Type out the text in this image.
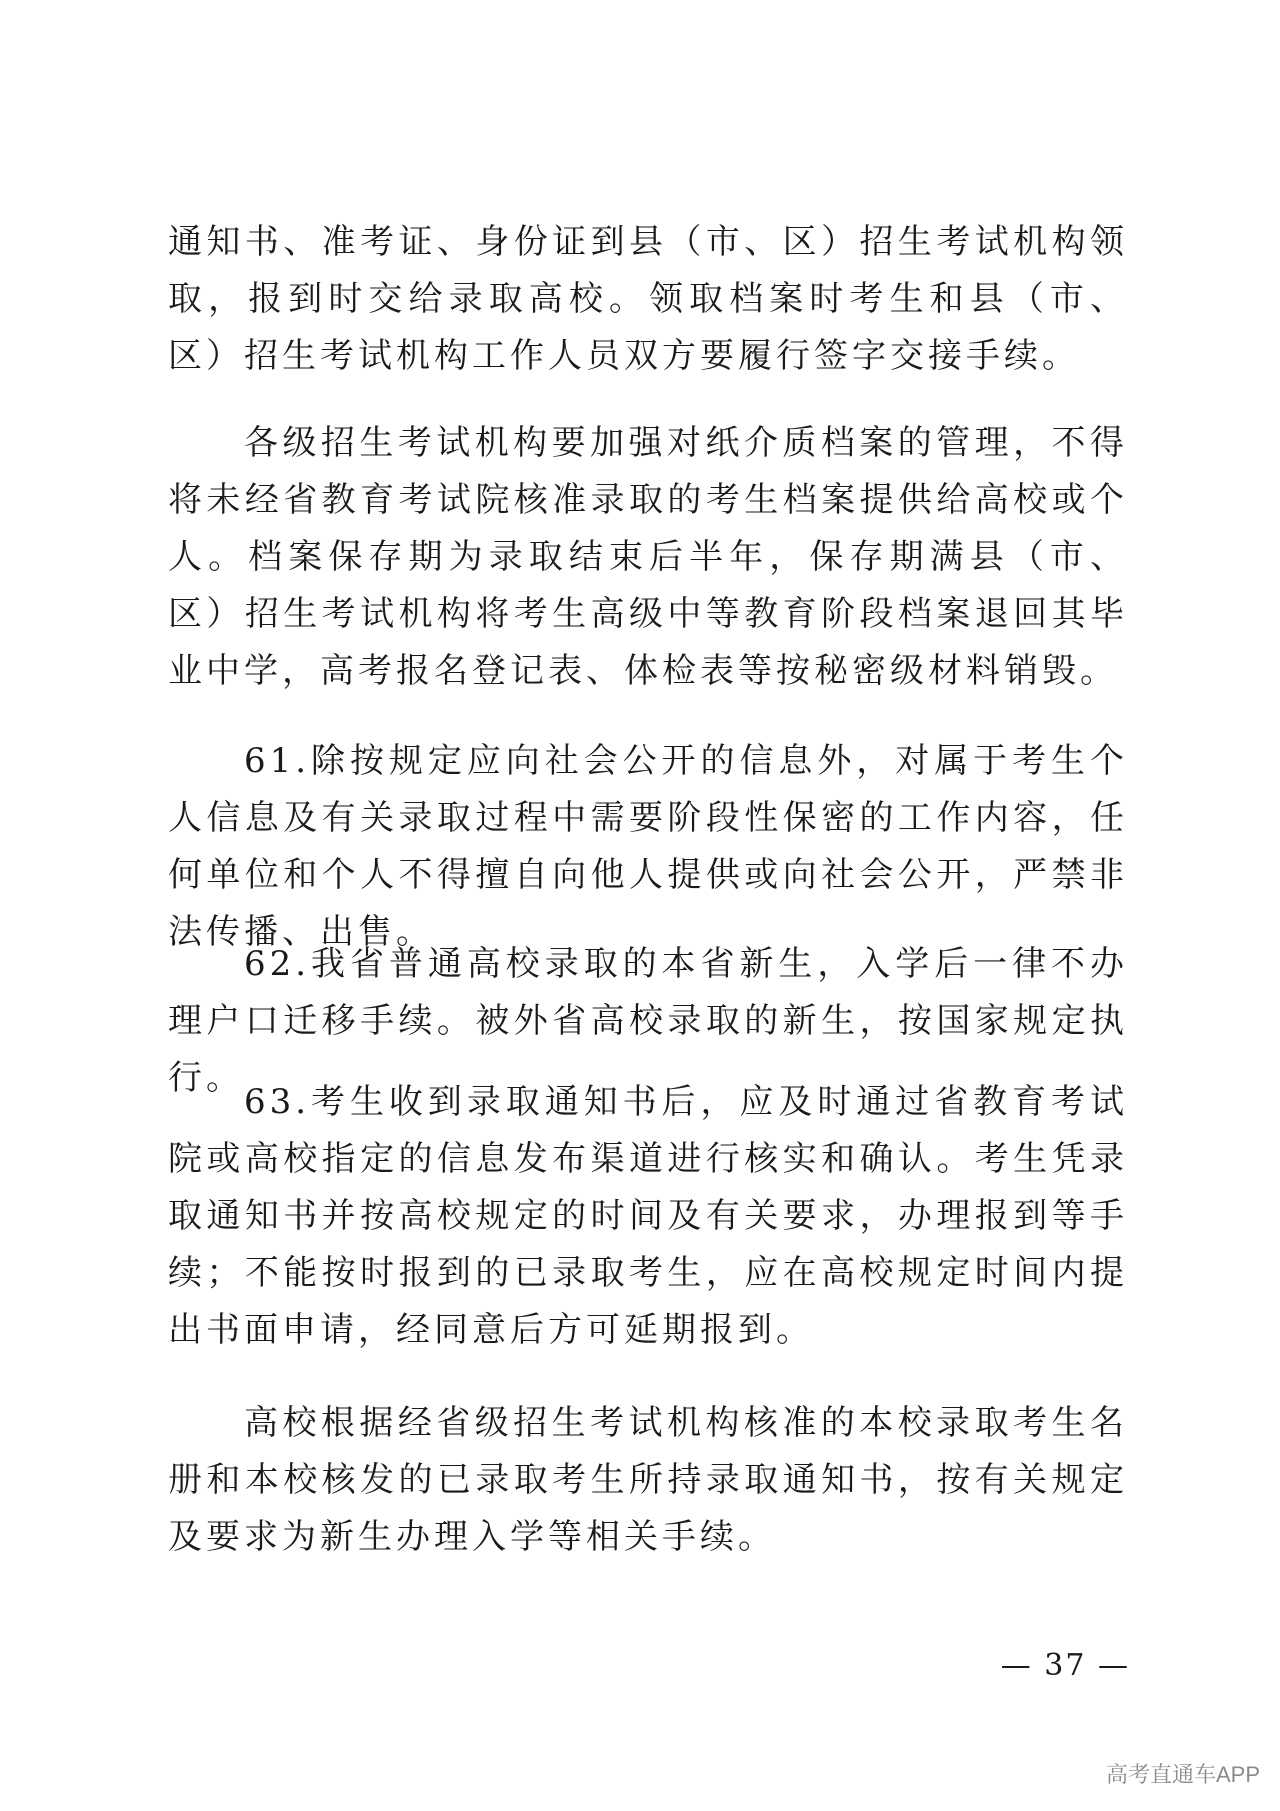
通知书、准考证、身份证到县（市、区）招生考试机构领取，报到时交给录取高校。领取档案时考生和县（市、区）招生考试机构工作人员双方要履行签字交接手续。

各级招生考试机构要加强对纸介质档案的管理，不得将未经省教育考试院核准录取的考生档案提供给高校或个人。档案保存期为录取结束后半年，保存期满县（市、区）招生考试机构将考生高级中等教育阶段档案退回其毕业中学，高考报名登记表、体检表等按秘密级材料销毁。

61.除按规定应向社会公开的信息外，对属于考生个人信息及有关录取过程中需要阶段性保密的工作内容，任何单位和个人不得擅自向他人提供或向社会公开，严禁非法传播、出售。

62.我省普通高校录取的本省新生，入学后一律不办理户口迁移手续。被外省高校录取的新生，按国家规定执行。

63.考生收到录取通知书后，应及时通过省教育考试院或高校指定的信息发布渠道进行核实和确认。考生凭录取通知书并按高校规定的时间及有关要求，办理报到等手续；不能按时报到的已录取考生，应在高校规定时间内提出书面申请，经同意后方可延期报到。

高校根据经省级招生考试机构核准的本校录取考生名册和本校核发的已录取考生所持录取通知书，按有关规定及要求为新生办理入学等相关手续。

— 37 —
高考直通车APP
